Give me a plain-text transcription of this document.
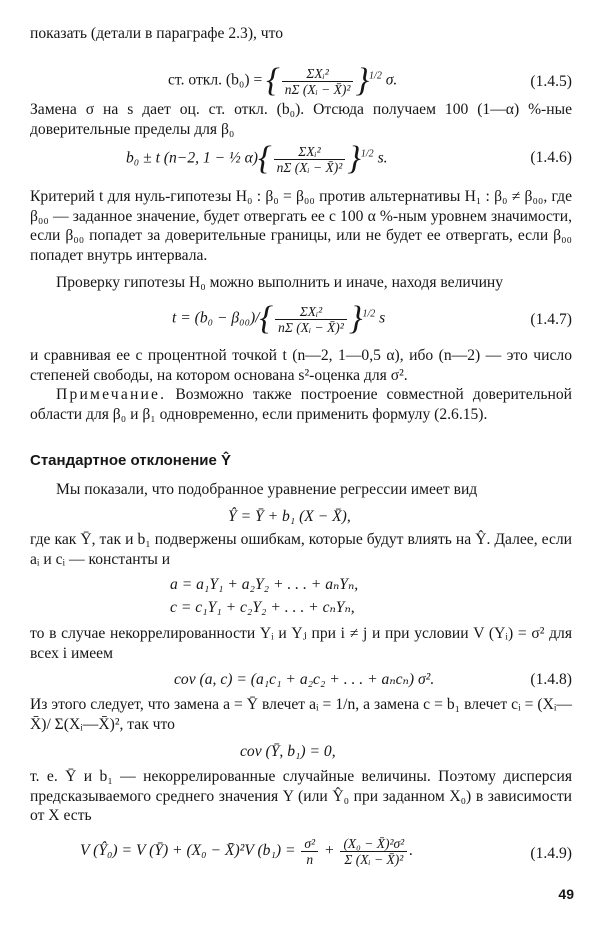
показать (детали в параграфе 2.3), что

ст. откл. (b₀) = { $\frac{\text{ΣXᵢ²}}{\text{nΣ (Xᵢ − X̄)²}} \}^{1/2}$ σ.	(1.4.5)

Замена σ на s дает оц. ст. откл. (b₀). Отсюда получаем 100 (1—α) %-ные доверительные пределы для β₀

b₀ ± t (n−2, 1 − ½ $\alpha)\{ \frac{\text{ΣXᵢ²}}{\text{nΣ (Xᵢ − X̄)²}} \}^{1/2}$ s.	(1.4.6)

Критерий t для нуль-гипотезы H₀ : β₀ = β₀₀ против альтернативы H₁ : β₀ ≠ β₀₀, где β₀₀ — заданное значение, будет отвергать ее с 100 α %-ным уровнем значимости, если β₀₀ попадет за доверительные границы, или не будет ее отвергать, если β₀₀ попадет внутрь интервала.

Проверку гипотезы H₀ можно выполнить и иначе, находя величину

$t = (b_0 - \beta_{00})/\{ \frac{\text{ΣXᵢ²}}{\text{nΣ (Xᵢ − X̄)²}} \}^{1/2}$ s	(1.4.7)

и сравнивая ее с процентной точкой t (n—2, 1—0,5 α), ибо (n—2) — это число степеней свободы, на котором основана s²-оценка для σ².

Примечание. Возможно также построение совместной доверительной области для β₀ и β₁ одновременно, если применить формулу (2.6.15).

Стандартное отклонение Ŷ

Мы показали, что подобранное уравнение регрессии имеет вид

Ŷ = Ȳ + b₁ (X − X̄),

где как Ȳ, так и b₁ подвержены ошибкам, которые будут влиять на Ŷ. Далее, если aᵢ и cᵢ — константы и

a = a₁Y₁ + a₂Y₂ + . . . + aₙYₙ,
c = c₁Y₁ + c₂Y₂ + . . . + cₙYₙ,

то в случае некоррелированности Yᵢ и Yⱼ при i ≠ j и при условии V (Yᵢ) = σ² для всех i имеем

cov (a, c) = (a₁c₁ + a₂c₂ + . . . + aₙcₙ) σ².	(1.4.8)

Из этого следует, что замена a = Ȳ влечет aᵢ = 1/n, а замена c = b₁ влечет cᵢ = (Xᵢ—X̄)/ Σ(Xᵢ—X̄)², так что

cov (Ȳ, b₁) = 0,

т. е. Ȳ и b₁ — некоррелированные случайные величины. Поэтому дисперсия предсказываемого среднего значения Y (или Ŷ₀ при заданном X₀) в зависимости от X есть

V (Ŷ₀) = V (Ȳ) + (X₀ − X̄)²V $(b_1) = \frac{\text{σ²}}{n} + \frac{\text{(X₀ − X̄)²σ²}}{\text{Σ (Xᵢ − X̄)²}}$ .	(1.4.9)
49
